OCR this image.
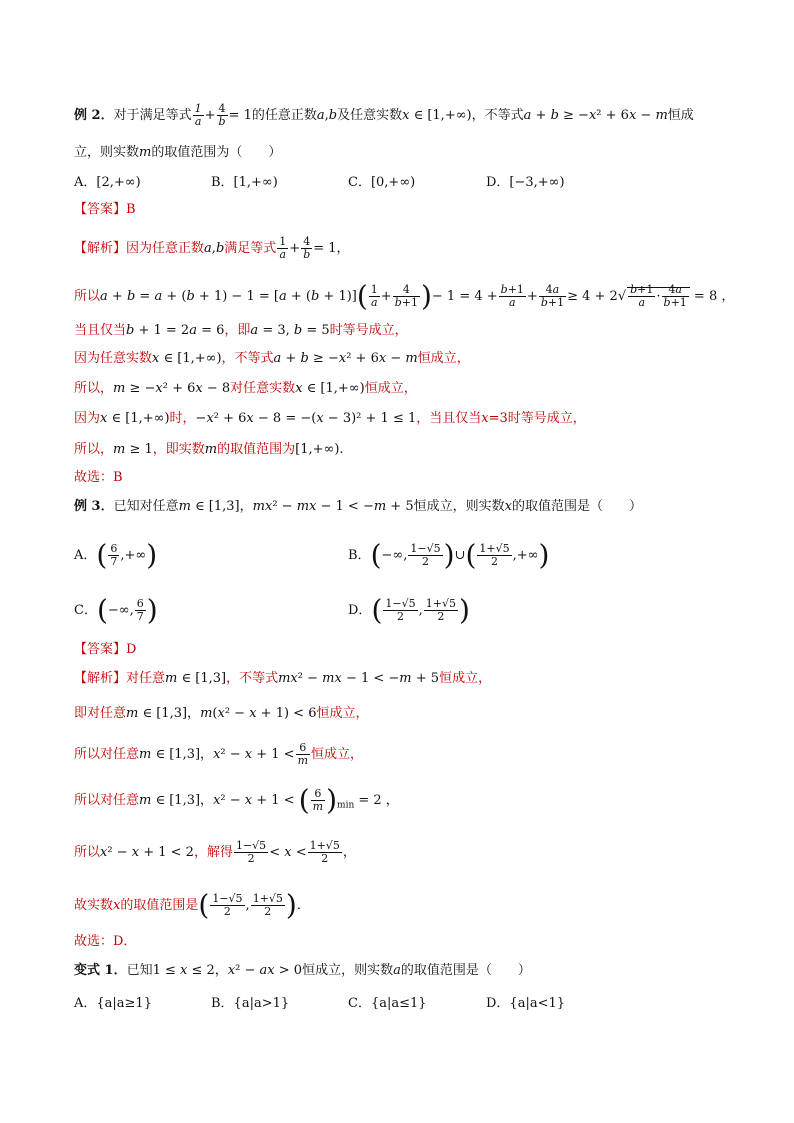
例 2．对于满足等式 $\frac{1}{a} + \frac{4}{b} = 1$的任意正数a,b及任意实数x ∈ [1,+∞)，不等式a + b ≥ −x² + 6x − m恒成
立，则实数m的取值范围为（　　）
A．[2,+∞)	B．[1,+∞)	C．[0,+∞)	D．[−3,+∞)
【答案】B
【解析】因为任意正数a,b满足等式 $\frac{1}{a} + \frac{4}{b} = 1$，
所以$a + b = a + (b + 1) - 1 = [a + (b + 1)]( \frac{1}{a} + \frac{4}{b+1}$ )− $1 = 4 + \frac{b+1}{a} + \frac{4a}{b+1} \ge 4 + 2√ \frac{b+1}{a} \cdot \frac{4a}{b+1} = 8$ ，
当且仅当b + 1 = 2a = 6，即a = 3, b = 5时等号成立，
因为任意实数x ∈ [1,+∞)，不等式a + b ≥ −x² + 6x − m恒成立，
所以，m ≥ −x² + 6x − 8对任意实数x ∈ [1,+∞)恒成立，
因为x ∈ [1,+∞)时，−x² + 6x − 8 = −(x − 3)² + 1 ≤ 1，当且仅当x=3时等号成立，
所以，m ≥ 1，即实数m的取值范围为[1,+∞).
故选：B
例 3．已知对任意m ∈ [1,3]，mx² − mx − 1 < −m + 5恒成立，则实数x的取值范围是（　　）
A．( $\frac{6}{7}$ ,+∞)	B．(−∞, $\frac{1-√5}{2}$ )∪( $\frac{1+√5}{2}$ ,+∞)
C．(−∞, $\frac{6}{7}$ )	D．( $\frac{1-√5}{2}$ , $\frac{1+√5}{2}$ )
【答案】D
【解析】对任意m ∈ [1,3]，不等式mx² − mx − 1 < −m + 5恒成立，
即对任意m ∈ [1,3]，m(x² − x + 1) < 6恒成立，
所以对任意m ∈ [1,3]，$x^2 - x + 1 < \frac{6}{m}$ 恒成立，
所以对任意m ∈ [1,3]，x² − x + 1 < ( $\frac{6}{m} )_{min} = 2$ ，
所以x² − x + 1 < 2，解得 $\frac{1-√5}{2} < x < \frac{1+√5}{2}$ ，
故实数x的取值范围是( $\frac{1-√5}{2}$ , $\frac{1+√5}{2}$ )．
故选：D．
变式 1．已知1 ≤ x ≤ 2，x² − ax > 0恒成立，则实数a的取值范围是（　　）
A．{a|a≥1}	B．{a|a>1}	C．{a|a≤1}	D．{a|a<1}
